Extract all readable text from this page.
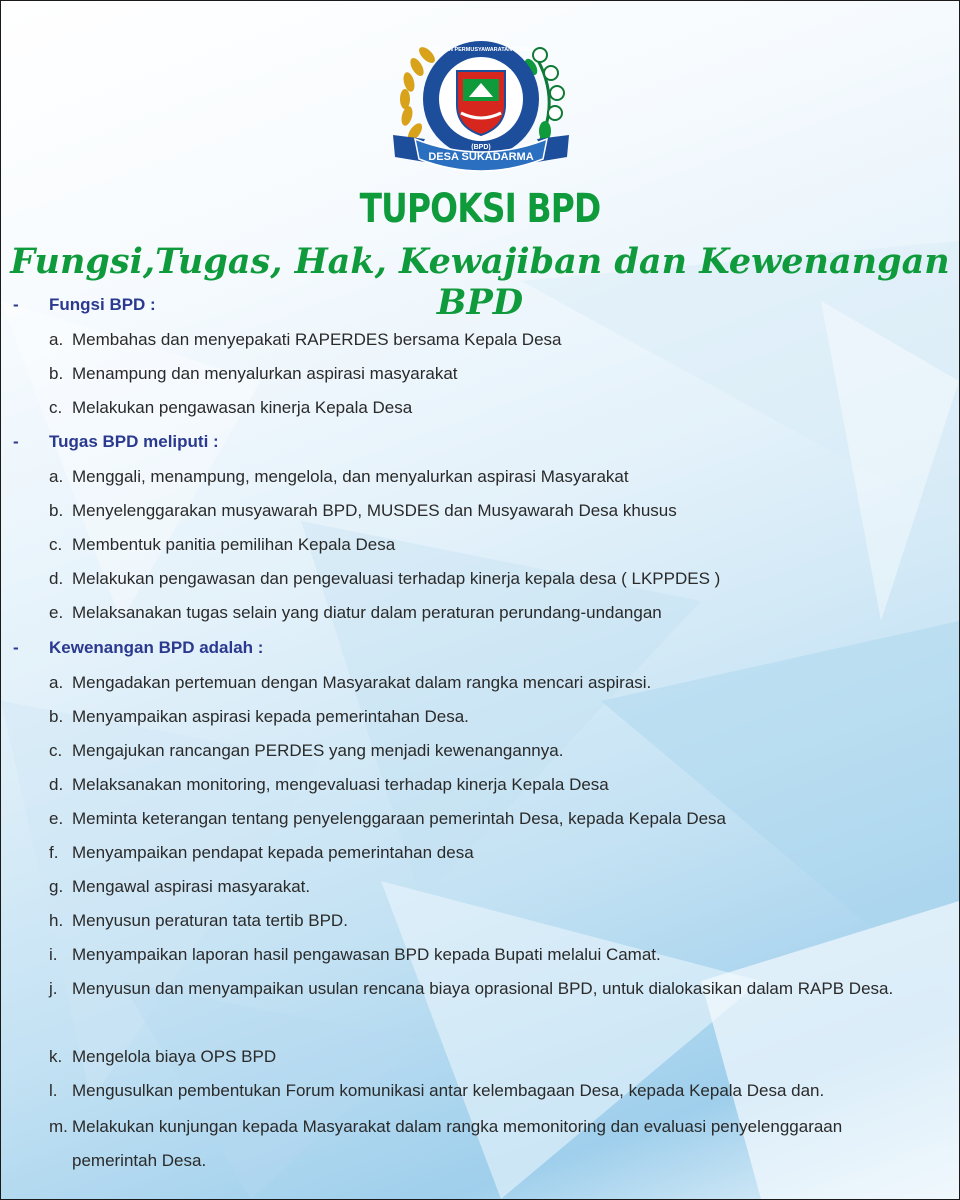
DESA SUKADARMA
(BPD)
BADAN PERMUSYAWARATAN DESA
TUPOKSI BPD
Fungsi,Tugas, Hak, Kewajiban dan Kewenangan BPD
-	Fungsi BPD :
a. Membahas dan menyepakati RAPERDES bersama Kepala Desa
b. Menampung dan menyalurkan aspirasi masyarakat
c. Melakukan pengawasan kinerja Kepala Desa
-	Tugas BPD meliputi :
a. Menggali, menampung, mengelola, dan menyalurkan aspirasi Masyarakat
b. Menyelenggarakan musyawarah BPD, MUSDES dan Musyawarah Desa khusus
c. Membentuk panitia pemilihan Kepala Desa
d. Melakukan pengawasan dan pengevaluasi terhadap kinerja kepala desa ( LKPPDES )
e. Melaksanakan tugas selain yang diatur dalam peraturan perundang-undangan
-	Kewenangan BPD adalah :
a. Mengadakan pertemuan dengan Masyarakat dalam rangka mencari aspirasi.
b. Menyampaikan aspirasi kepada pemerintahan Desa.
c. Mengajukan rancangan PERDES yang menjadi kewenangannya.
d. Melaksanakan monitoring, mengevaluasi terhadap kinerja Kepala Desa
e. Meminta keterangan tentang penyelenggaraan pemerintah Desa, kepada Kepala Desa
f. Menyampaikan pendapat kepada pemerintahan desa
g. Mengawal aspirasi masyarakat.
h. Menyusun peraturan tata tertib BPD.
i. Menyampaikan laporan hasil pengawasan BPD kepada Bupati melalui Camat.
j. Menyusun dan menyampaikan usulan rencana biaya oprasional BPD, untuk dialokasikan dalam RAPB Desa.
k. Mengelola biaya OPS BPD
l. Mengusulkan pembentukan Forum komunikasi antar kelembagaan Desa, kepada Kepala Desa dan.
m. Melakukan kunjungan kepada Masyarakat dalam rangka memonitoring dan evaluasi penyelenggaraan pemerintah Desa.
